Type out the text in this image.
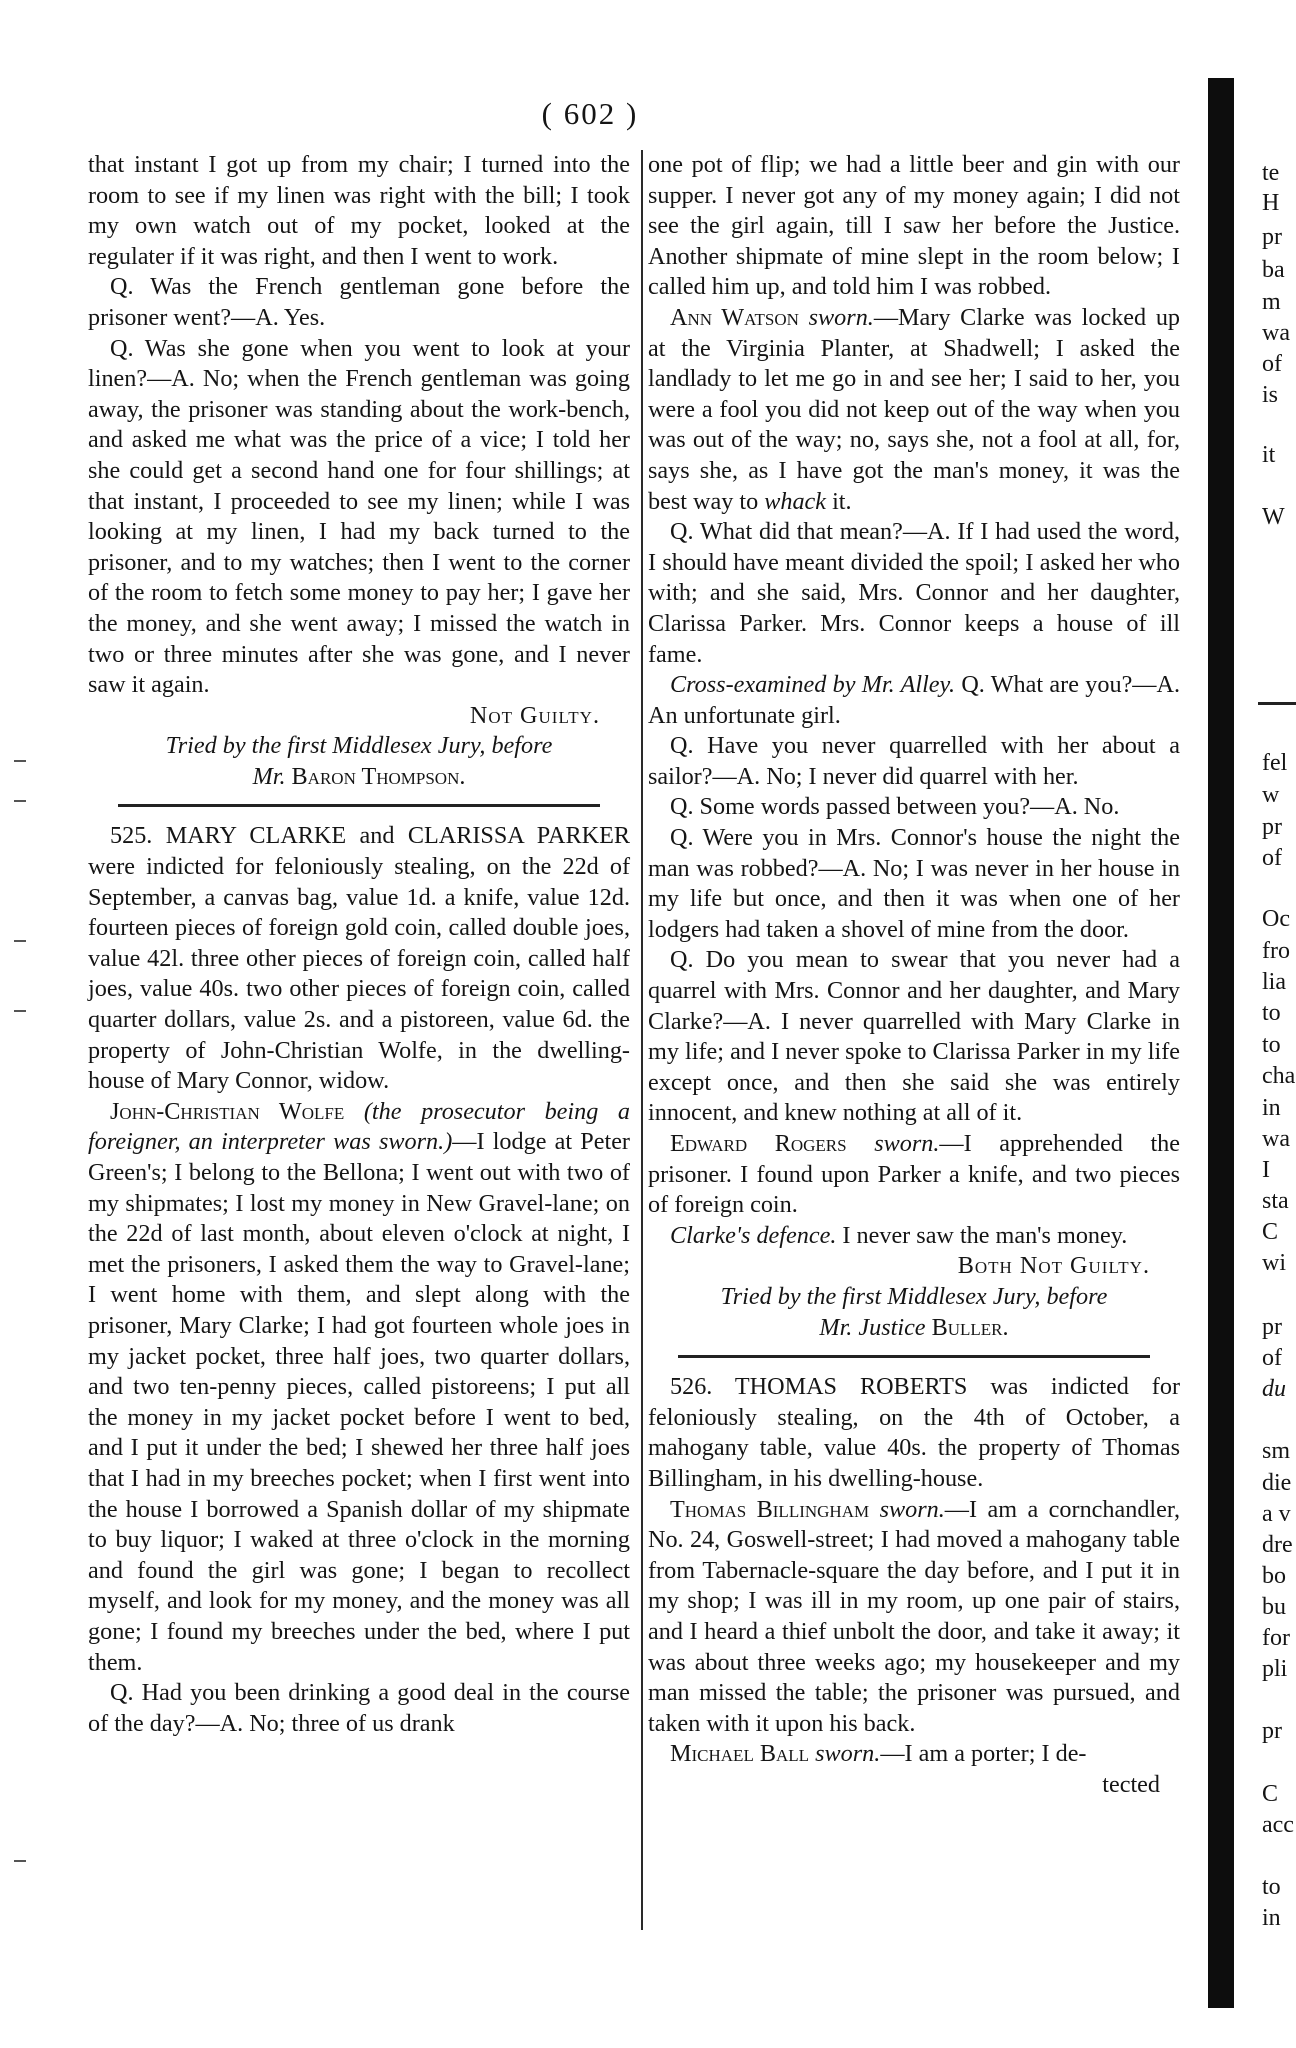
( 602 )

that instant I got up from my chair; I turned into the room to see if my linen was right with the bill; I took my own watch out of my pocket, looked at the regulater if it was right, and then I went to work.

Q. Was the French gentleman gone before the prisoner went?—A. Yes.

Q. Was she gone when you went to look at your linen?—A. No; when the French gentleman was going away, the prisoner was standing about the work-bench, and asked me what was the price of a vice; I told her she could get a second hand one for four shillings; at that instant, I proceeded to see my linen; while I was looking at my linen, I had my back turned to the prisoner, and to my watches; then I went to the corner of the room to fetch some money to pay her; I gave her the money, and she went away; I missed the watch in two or three minutes after she was gone, and I never saw it again.

Not Guilty.
Tried by the first Middlesex Jury, before
Mr. Baron Thompson.

525. MARY CLARKE and CLARISSA PARKER were indicted for feloniously stealing, on the 22d of September, a canvas bag, value 1d. a knife, value 12d. fourteen pieces of foreign gold coin, called double joes, value 42l. three other pieces of foreign coin, called half joes, value 40s. two other pieces of foreign coin, called quarter dollars, value 2s. and a pistoreen, value 6d. the property of John-Christian Wolfe, in the dwelling-house of Mary Connor, widow.

John-Christian Wolfe (the prosecutor being a foreigner, an interpreter was sworn.)—I lodge at Peter Green's; I belong to the Bellona; I went out with two of my shipmates; I lost my money in New Gravel-lane; on the 22d of last month, about eleven o'clock at night, I met the prisoners, I asked them the way to Gravel-lane; I went home with them, and slept along with the prisoner, Mary Clarke; I had got fourteen whole joes in my jacket pocket, three half joes, two quarter dollars, and two ten-penny pieces, called pistoreens; I put all the money in my jacket pocket before I went to bed, and I put it under the bed; I shewed her three half joes that I had in my breeches pocket; when I first went into the house I borrowed a Spanish dollar of my shipmate to buy liquor; I waked at three o'clock in the morning and found the girl was gone; I began to recollect myself, and look for my money, and the money was all gone; I found my breeches under the bed, where I put them.

Q. Had you been drinking a good deal in the course of the day?—A. No; three of us drank

one pot of flip; we had a little beer and gin with our supper. I never got any of my money again; I did not see the girl again, till I saw her before the Justice. Another shipmate of mine slept in the room below; I called him up, and told him I was robbed.

Ann Watson sworn.—Mary Clarke was locked up at the Virginia Planter, at Shadwell; I asked the landlady to let me go in and see her; I said to her, you were a fool you did not keep out of the way when you was out of the way; no, says she, not a fool at all, for, says she, as I have got the man's money, it was the best way to whack it.

Q. What did that mean?—A. If I had used the word, I should have meant divided the spoil; I asked her who with; and she said, Mrs. Connor and her daughter, Clarissa Parker. Mrs. Connor keeps a house of ill fame.

Cross-examined by Mr. Alley. Q. What are you?—A. An unfortunate girl.

Q. Have you never quarrelled with her about a sailor?—A. No; I never did quarrel with her.

Q. Some words passed between you?—A. No.

Q. Were you in Mrs. Connor's house the night the man was robbed?—A. No; I was never in her house in my life but once, and then it was when one of her lodgers had taken a shovel of mine from the door.

Q. Do you mean to swear that you never had a quarrel with Mrs. Connor and her daughter, and Mary Clarke?—A. I never quarrelled with Mary Clarke in my life; and I never spoke to Clarissa Parker in my life except once, and then she said she was entirely innocent, and knew nothing at all of it.

Edward Rogers sworn.—I apprehended the prisoner. I found upon Parker a knife, and two pieces of foreign coin.

Clarke's defence. I never saw the man's money.

Both Not Guilty.
Tried by the first Middlesex Jury, before
Mr. Justice Buller.

526. THOMAS ROBERTS was indicted for feloniously stealing, on the 4th of October, a mahogany table, value 40s. the property of Thomas Billingham, in his dwelling-house.

Thomas Billingham sworn.—I am a cornchandler, No. 24, Goswell-street; I had moved a mahogany table from Tabernacle-square the day before, and I put it in my shop; I was ill in my room, up one pair of stairs, and I heard a thief unbolt the door, and take it away; it was about three weeks ago; my housekeeper and my man missed the table; the prisoner was pursued, and taken with it upon his back.

Michael Ball sworn.—I am a porter; I de-

tected
te
H
pr
ba
m
wa
of
is
it
W
fel
w
pr
of
Oc
fro
lia
to
to
cha
in
wa
I
sta
C
wi
pr
of
du
sm
die
a v
dre
bo
bu
for
pli
pr
C
acc
to
in
